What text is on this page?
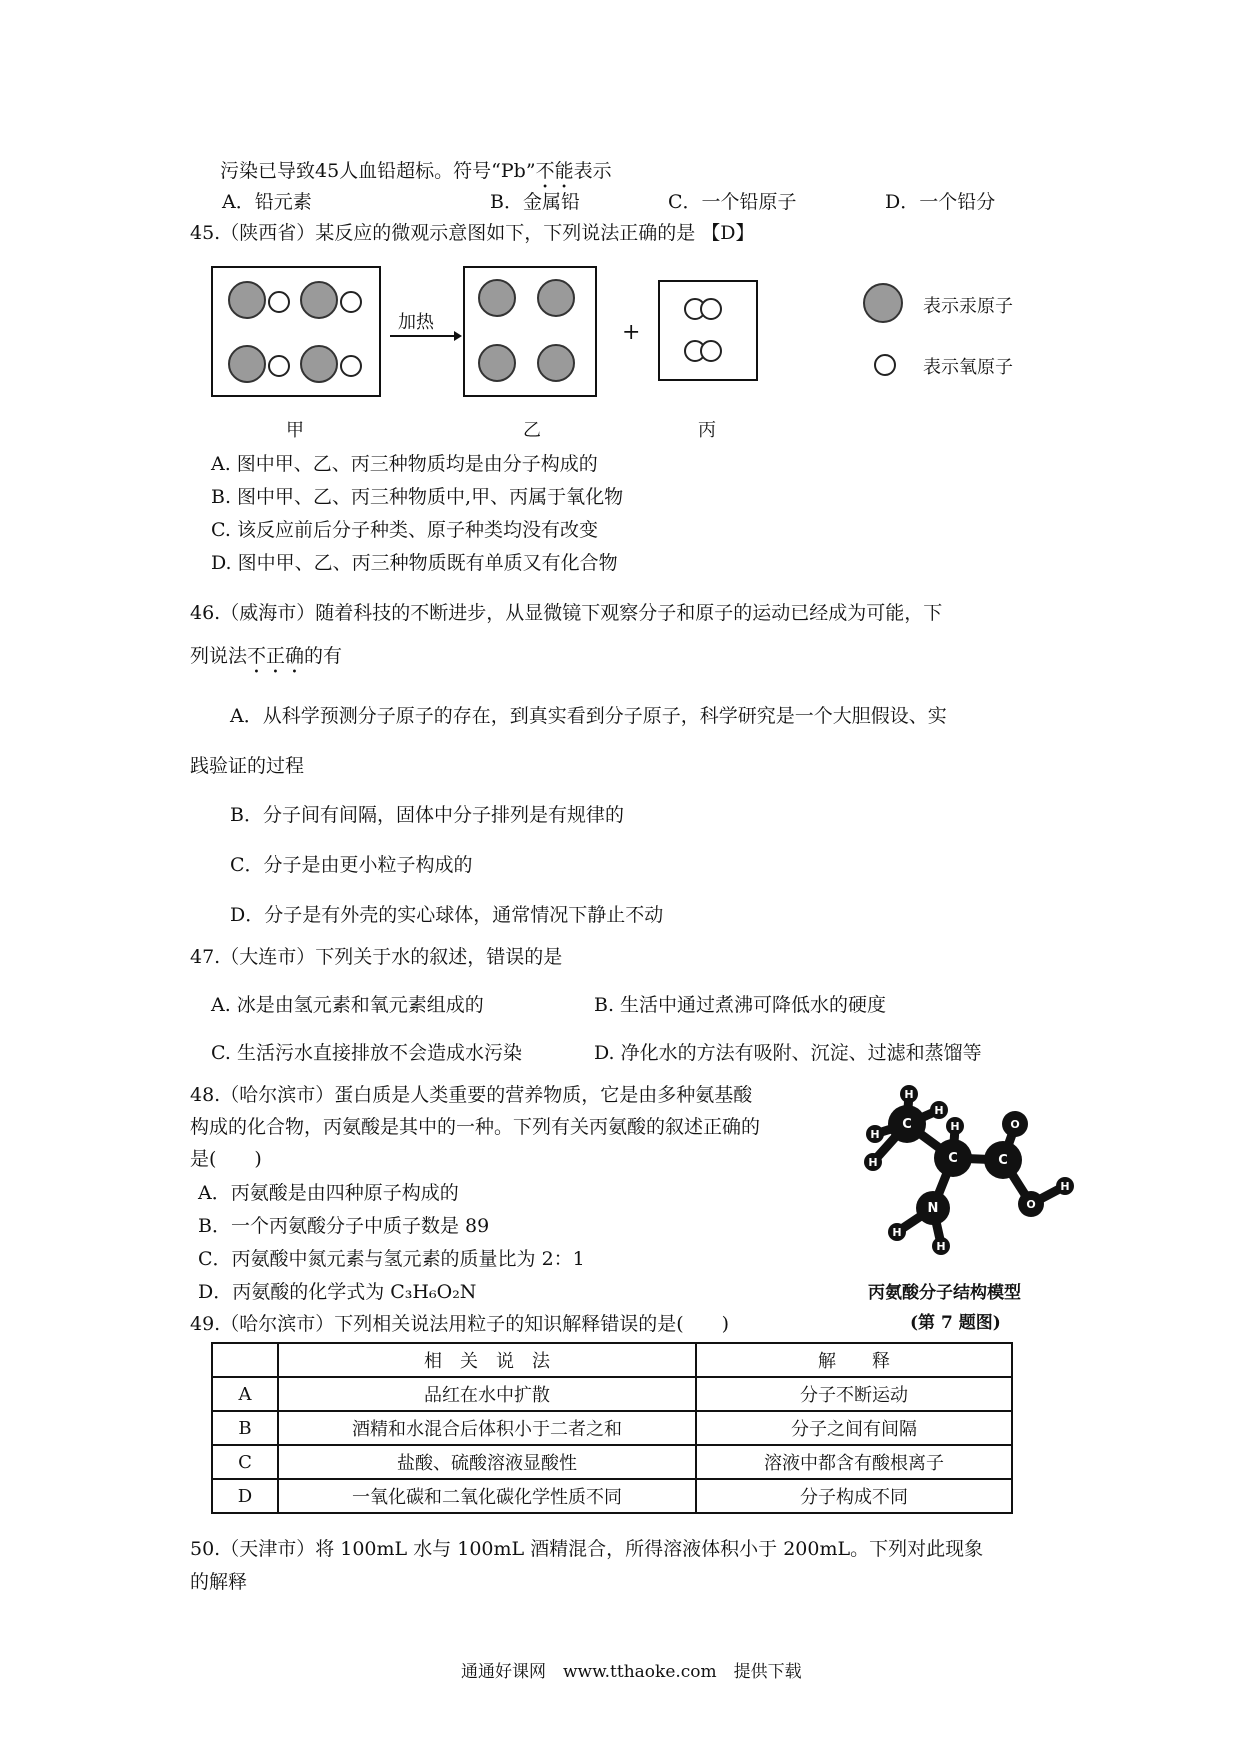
污染已导致45人血铅超标。符号“Pb”不能表示
A．铅元素	B．金属铅	C．一个铅原子	D．一个铅分
45.（陕西省）某反应的微观示意图如下，下列说法正确的是 【D】
加热	+
表示汞原子
表示氧原子
甲	乙	丙
A. 图中甲、乙、丙三种物质均是由分子构成的
B. 图中甲、乙、丙三种物质中,甲、丙属于氧化物
C. 该反应前后分子种类、原子种类均没有改变
D. 图中甲、乙、丙三种物质既有单质又有化合物
46.（威海市）随着科技的不断进步，从显微镜下观察分子和原子的运动已经成为可能，下
列说法不正确的有
A．从科学预测分子原子的存在，到真实看到分子原子，科学研究是一个大胆假设、实
践验证的过程
B．分子间有间隔，固体中分子排列是有规律的
C．分子是由更小粒子构成的
D．分子是有外壳的实心球体，通常情况下静止不动
47.（大连市）下列关于水的叙述，错误的是
A. 冰是由氢元素和氧元素组成的	B. 生活中通过煮沸可降低水的硬度
C. 生活污水直接排放不会造成水污染	D. 净化水的方法有吸附、沉淀、过滤和蒸馏等
48.（哈尔滨市）蛋白质是人类重要的营养物质，它是由多种氨基酸
构成的化合物，丙氨酸是其中的一种。下列有关丙氨酸的叙述正确的
是(　　)
A．丙氨酸是由四种原子构成的
B．一个丙氨酸分子中质子数是 89
C．丙氨酸中氮元素与氢元素的质量比为 2：1
D．丙氨酸的化学式为 C₃H₆O₂N
H
H
H
H
H
C
C	C
O
O
H
N
H
H
丙氨酸分子结构模型
(第 7 题图)
49.（哈尔滨市）下列相关说法用粒子的知识解释错误的是(　　)
	相　关　说　法	解　　释
A	品红在水中扩散	分子不断运动
B	酒精和水混合后体积小于二者之和	分子之间有间隔
C	盐酸、硫酸溶液显酸性	溶液中都含有酸根离子
D	一氧化碳和二氧化碳化学性质不同	分子构成不同
50.（天津市）将 100mL 水与 100mL 酒精混合，所得溶液体积小于 200mL。下列对此现象
的解释
通通好课网　www.tthaoke.com　提供下载
